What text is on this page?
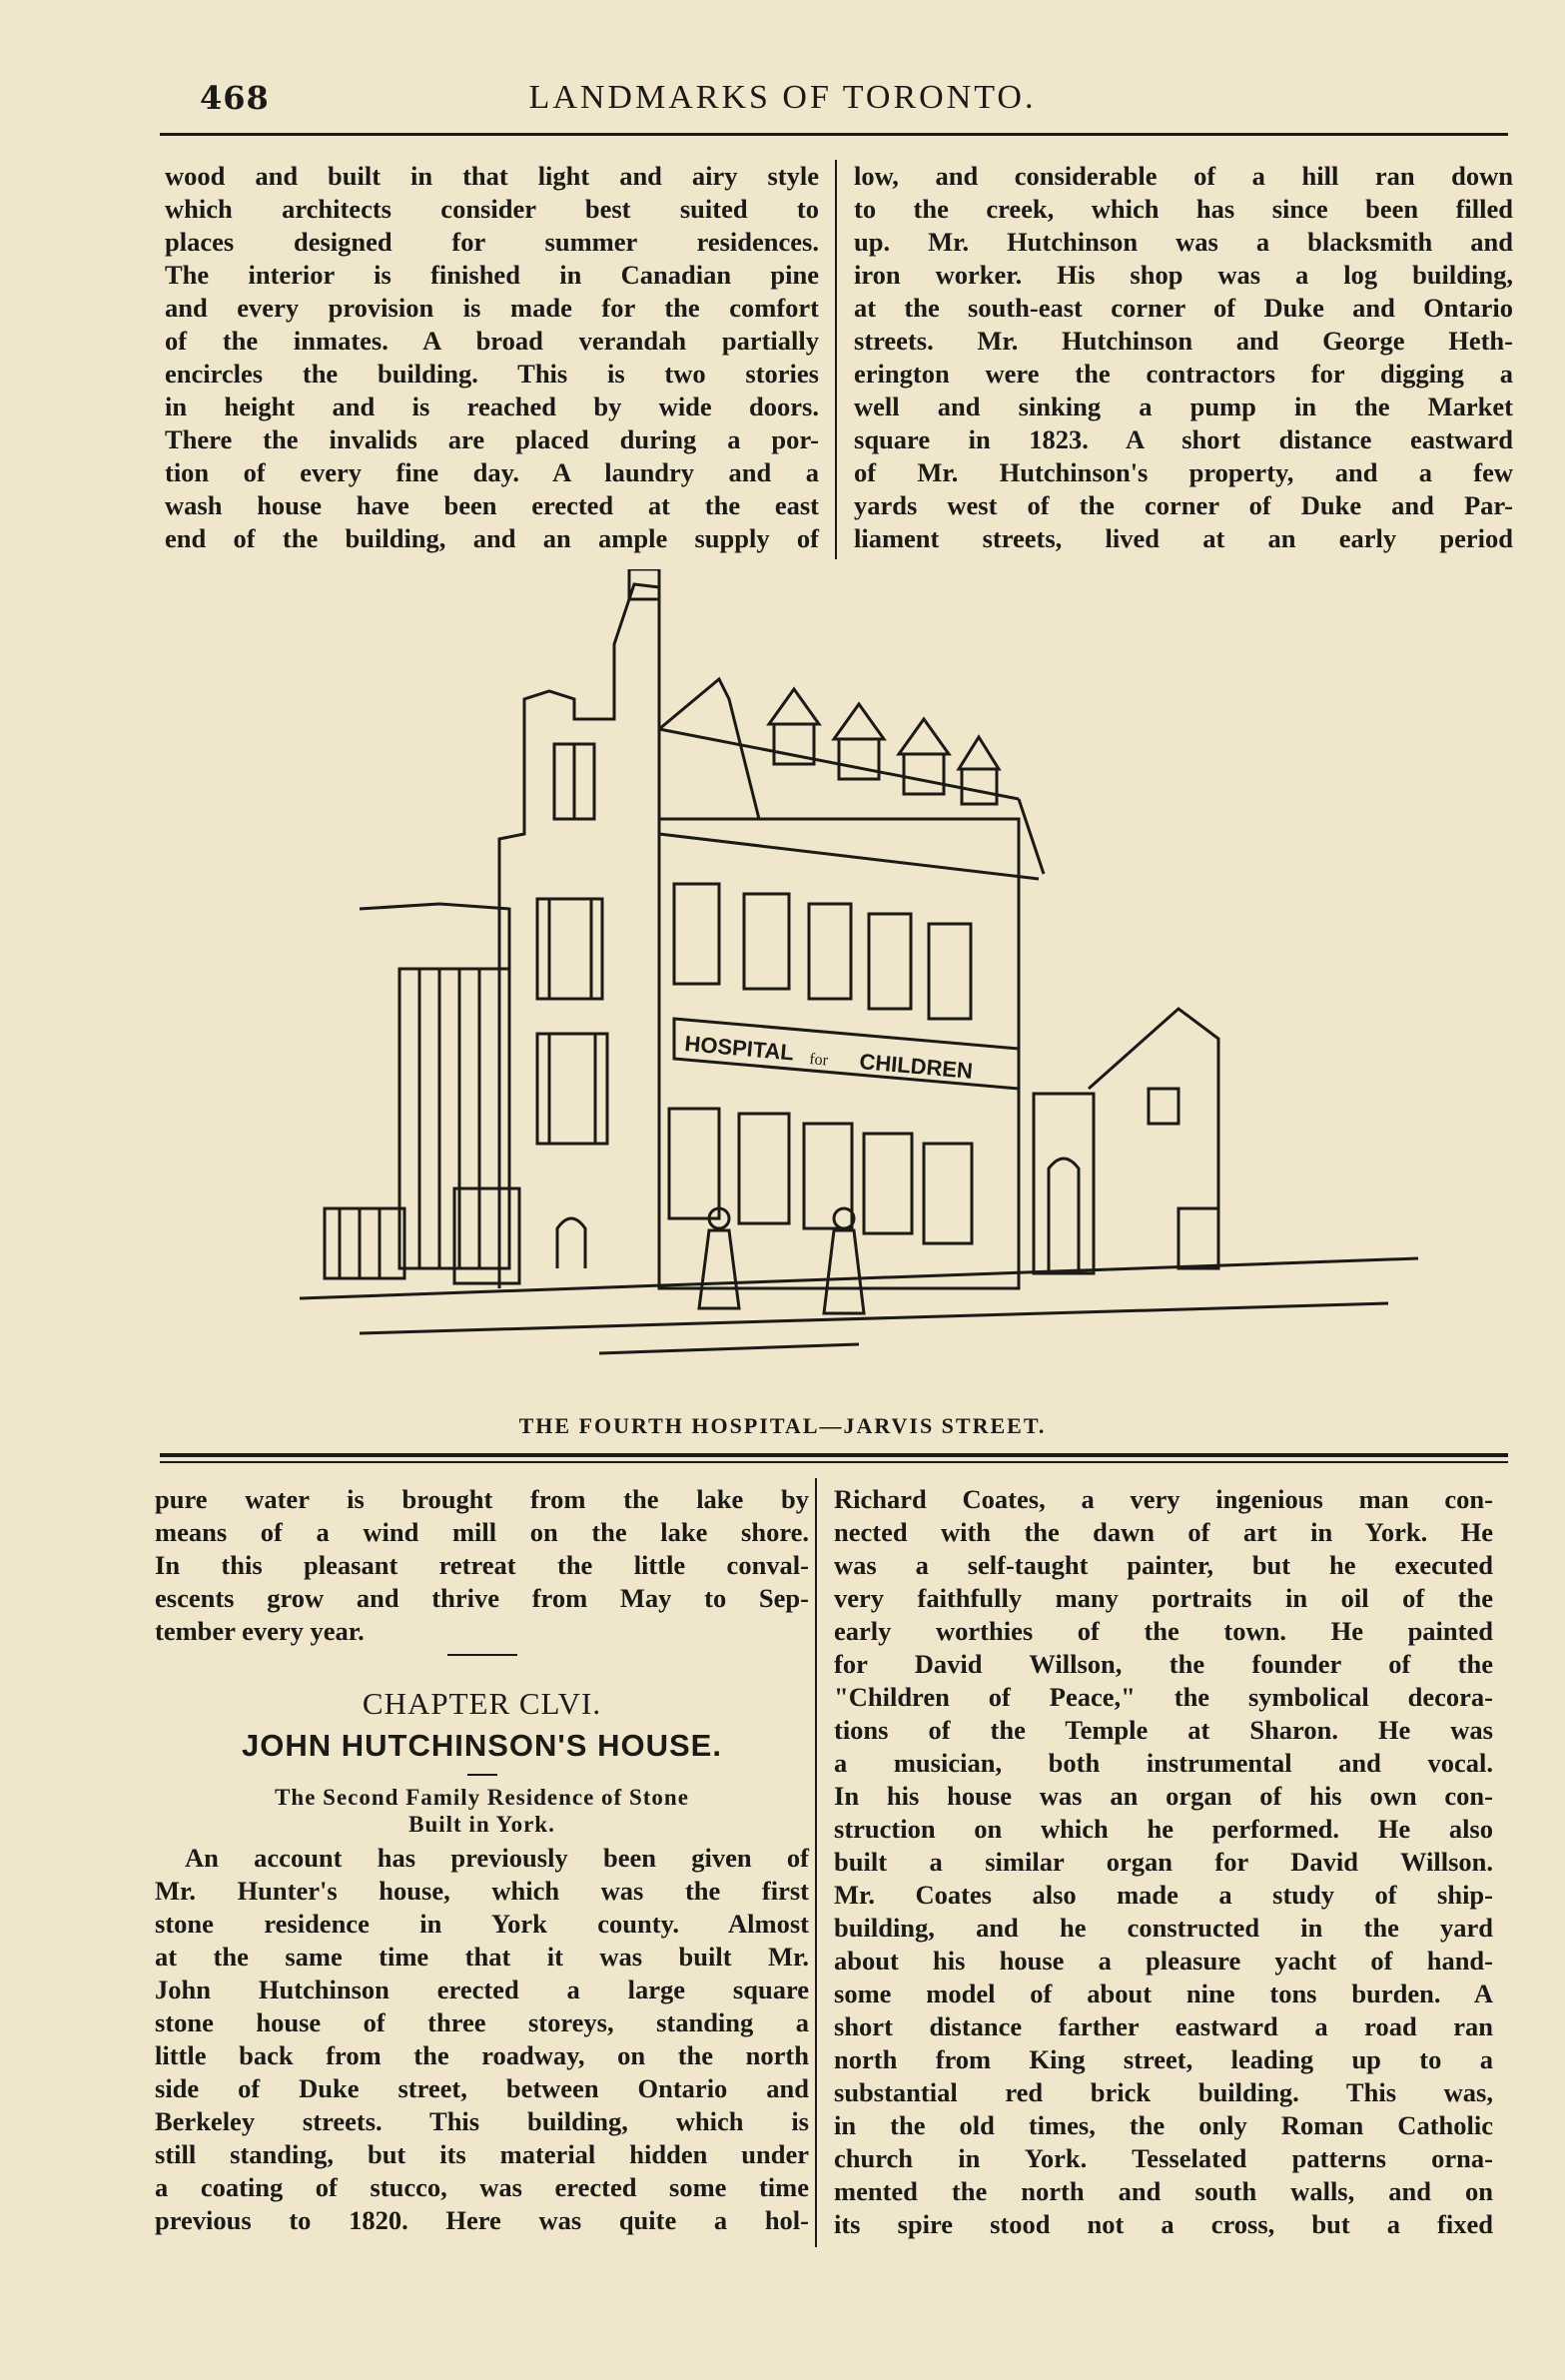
468	LANDMARKS OF TORONTO.
wood and built in that light and airy style
which architects consider best suited to
places designed for summer residences.
The interior is finished in Canadian pine
and every provision is made for the comfort
of the inmates. A broad verandah partially
encircles the building. This is two stories
in height and is reached by wide doors.
There the invalids are placed during a por-
tion of every fine day. A laundry and a
wash house have been erected at the east
end of the building, and an ample supply of
low, and considerable of a hill ran down
to the creek, which has since been filled
up. Mr. Hutchinson was a blacksmith and
iron worker. His shop was a log building,
at the south-east corner of Duke and Ontario
streets. Mr. Hutchinson and George Heth-
erington were the contractors for digging a
well and sinking a pump in the Market
square in 1823. A short distance eastward
of Mr. Hutchinson's property, and a few
yards west of the corner of Duke and Par-
liament streets, lived at an early period
HOSPITAL for CHILDREN
THE FOURTH HOSPITAL—JARVIS STREET.
pure water is brought from the lake by
means of a wind mill on the lake shore.
In this pleasant retreat the little conval-
escents grow and thrive from May to Sep-
tember every year.
CHAPTER CLVI.
JOHN HUTCHINSON'S HOUSE.
The Second Family Residence of Stone
Built in York.
An account has previously been given of
Mr. Hunter's house, which was the first
stone residence in York county. Almost
at the same time that it was built Mr.
John Hutchinson erected a large square
stone house of three storeys, standing a
little back from the roadway, on the north
side of Duke street, between Ontario and
Berkeley streets. This building, which is
still standing, but its material hidden under
a coating of stucco, was erected some time
previous to 1820. Here was quite a hol-
Richard Coates, a very ingenious man con-
nected with the dawn of art in York. He
was a self-taught painter, but he executed
very faithfully many portraits in oil of the
early worthies of the town. He painted
for David Willson, the founder of the
"Children of Peace," the symbolical decora-
tions of the Temple at Sharon. He was
a musician, both instrumental and vocal.
In his house was an organ of his own con-
struction on which he performed. He also
built a similar organ for David Willson.
Mr. Coates also made a study of ship-
building, and he constructed in the yard
about his house a pleasure yacht of hand-
some model of about nine tons burden. A
short distance farther eastward a road ran
north from King street, leading up to a
substantial red brick building. This was,
in the old times, the only Roman Catholic
church in York. Tesselated patterns orna-
mented the north and south walls, and on
its spire stood not a cross, but a fixed
